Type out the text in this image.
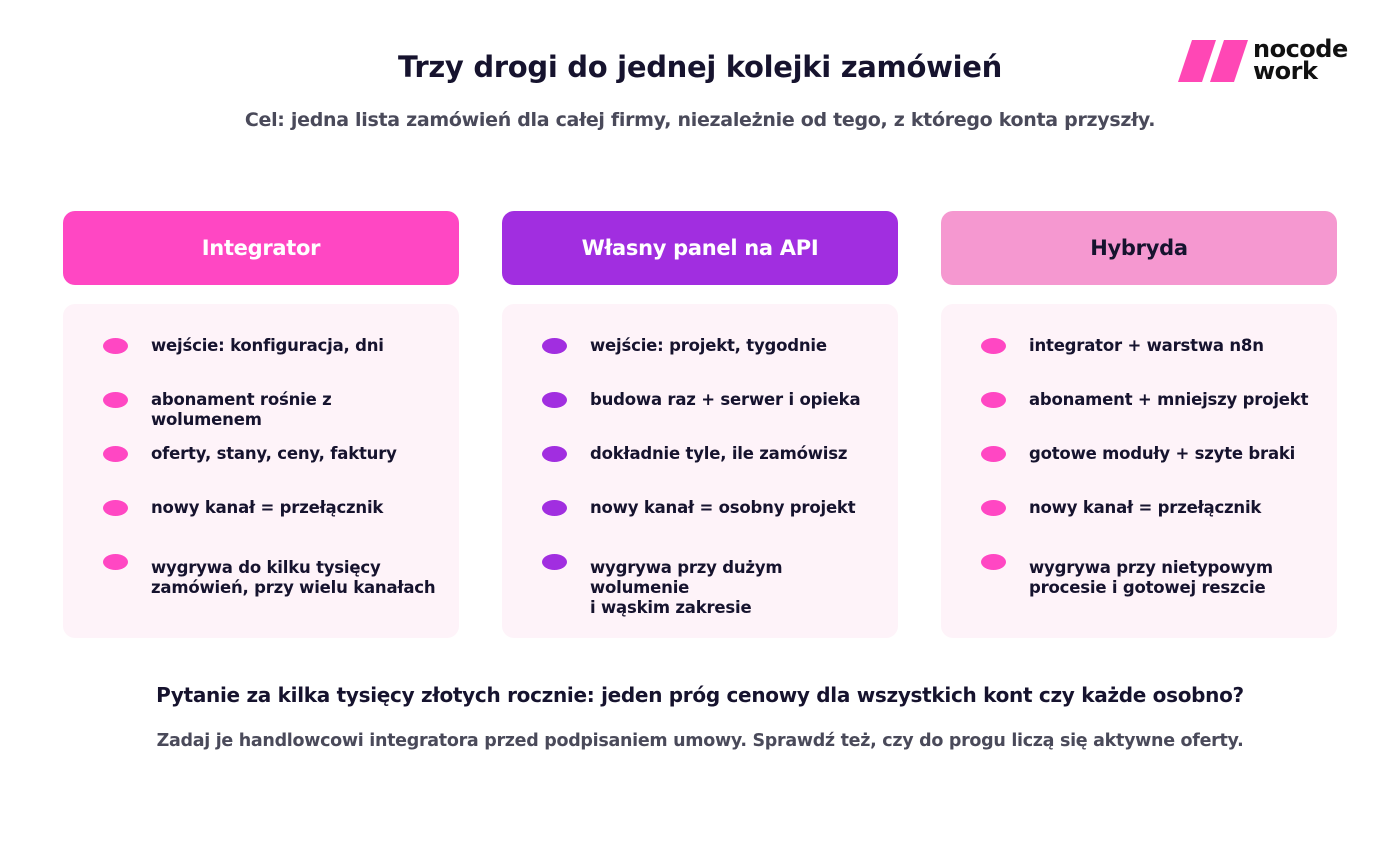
Trzy drogi do jednej kolejki zamówień
Cel: jedna lista zamówień dla całej firmy, niezależnie od tego, z którego konta przyszły.
nocode
work
Integrator
wejście: konfiguracja, dni
abonament rośnie z wolumenem
oferty, stany, ceny, faktury
nowy kanał = przełącznik
wygrywa do kilku tysięcy
zamówień, przy wielu kanałach
Własny panel na API
wejście: projekt, tygodnie
budowa raz + serwer i opieka
dokładnie tyle, ile zamówisz
nowy kanał = osobny projekt
wygrywa przy dużym wolumenie
i wąskim zakresie
Hybryda
integrator + warstwa n8n
abonament + mniejszy projekt
gotowe moduły + szyte braki
nowy kanał = przełącznik
wygrywa przy nietypowym
procesie i gotowej reszcie
Pytanie za kilka tysięcy złotych rocznie: jeden próg cenowy dla wszystkich kont czy każde osobno?
Zadaj je handlowcowi integratora przed podpisaniem umowy. Sprawdź też, czy do progu liczą się aktywne oferty.
